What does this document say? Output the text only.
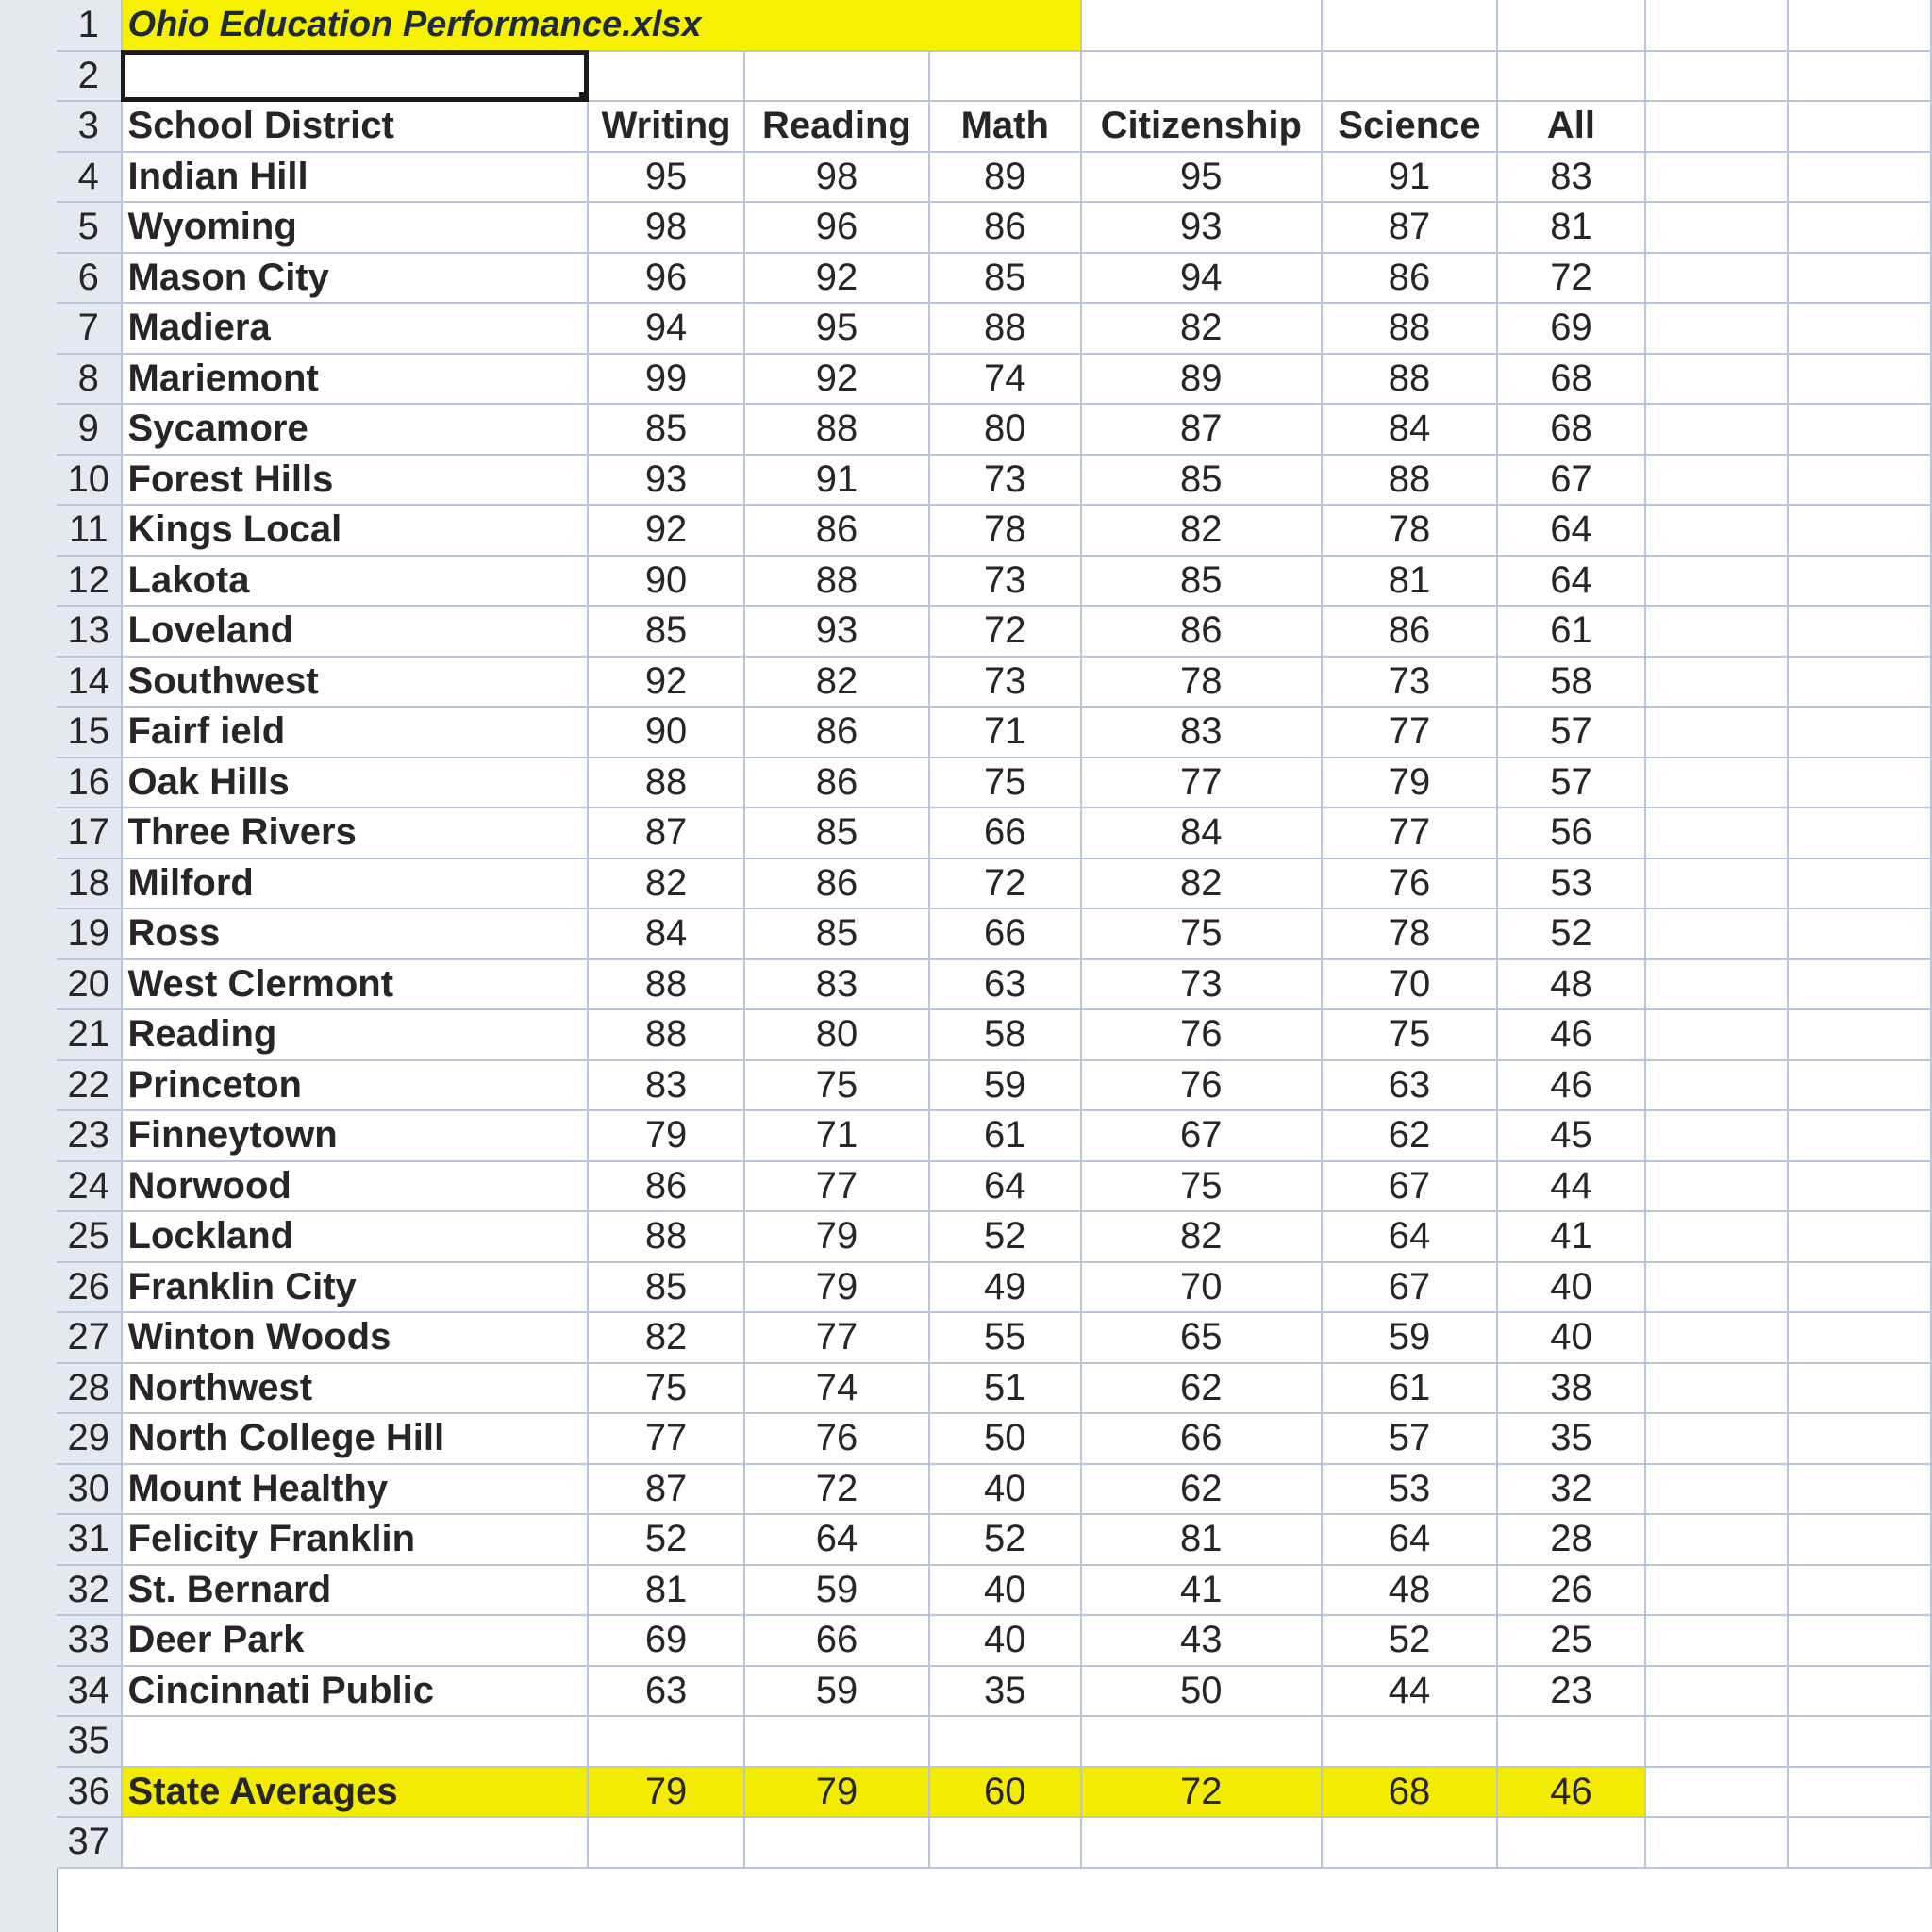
1	Ohio Education Performance.xlsx								
2	

3	School District	Writing	Reading	Math	Citizenship	Science	All		
4	Indian Hill	95	98	89	95	91	83		
5	Wyoming	98	96	86	93	87	81		
6	Mason City	96	92	85	94	86	72		
7	Madiera	94	95	88	82	88	69		
8	Mariemont	99	92	74	89	88	68		
9	Sycamore	85	88	80	87	84	68		
10	Forest Hills	93	91	73	85	88	67		
11	Kings Local	92	86	78	82	78	64		
12	Lakota	90	88	73	85	81	64		
13	Loveland	85	93	72	86	86	61		
14	Southwest	92	82	73	78	73	58		
15	Fairf ield	90	86	71	83	77	57		
16	Oak Hills	88	86	75	77	79	57		
17	Three Rivers	87	85	66	84	77	56		
18	Milford	82	86	72	82	76	53		
19	Ross	84	85	66	75	78	52		
20	West Clermont	88	83	63	73	70	48		
21	Reading	88	80	58	76	75	46		
22	Princeton	83	75	59	76	63	46		
23	Finneytown	79	71	61	67	62	45		
24	Norwood	86	77	64	75	67	44		
25	Lockland	88	79	52	82	64	41		
26	Franklin City	85	79	49	70	67	40		
27	Winton Woods	82	77	55	65	59	40		
28	Northwest	75	74	51	62	61	38		
29	North College Hill	77	76	50	66	57	35		
30	Mount Healthy	87	72	40	62	53	32		
31	Felicity Franklin	52	64	52	81	64	28		
32	St. Bernard	81	59	40	41	48	26		
33	Deer Park	69	66	40	43	52	25		
34	Cincinnati Public	63	59	35	50	44	23		
35									
36	State Averages	79	79	60	72	68	46		
37									
